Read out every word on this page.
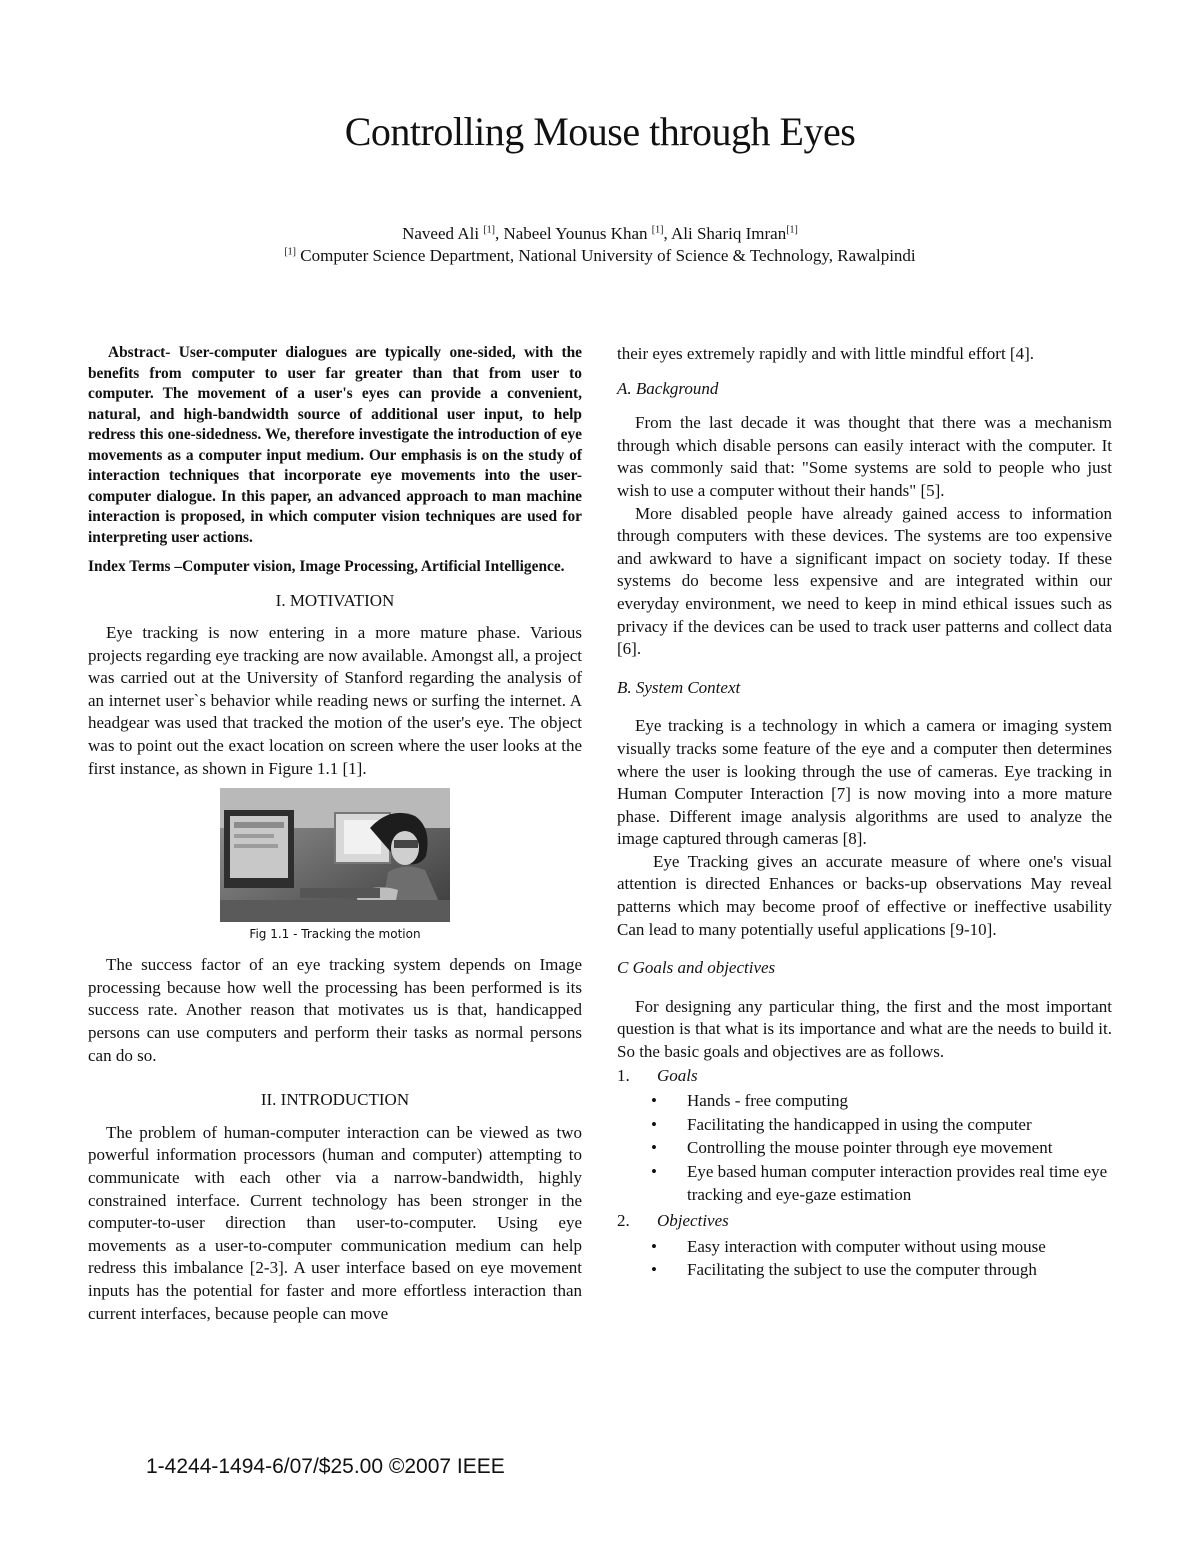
Controlling Mouse through Eyes
Naveed Ali [1], Nabeel Younus Khan [1], Ali Shariq Imran[1]
[1] Computer Science Department, National University of Science & Technology, Rawalpindi

Abstract- User-computer dialogues are typically one-sided, with the benefits from computer to user far greater than that from user to computer. The movement of a user's eyes can provide a convenient, natural, and high-bandwidth source of additional user input, to help redress this one-sidedness. We, therefore investigate the introduction of eye movements as a computer input medium. Our emphasis is on the study of interaction techniques that incorporate eye movements into the user-computer dialogue. In this paper, an advanced approach to man machine interaction is proposed, in which computer vision techniques are used for interpreting user actions.

Index Terms –Computer vision, Image Processing, Artificial Intelligence.

I. MOTIVATION

Eye tracking is now entering in a more mature phase. Various projects regarding eye tracking are now available. Amongst all, a project was carried out at the University of Stanford regarding the analysis of an internet user`s behavior while reading news or surfing the internet. A headgear was used that tracked the motion of the user's eye. The object was to point out the exact location on screen where the user looks at the first instance, as shown in Figure 1.1 [1].

Fig 1.1 - Tracking the motion

The success factor of an eye tracking system depends on Image processing because how well the processing has been performed is its success rate. Another reason that motivates us is that, handicapped persons can use computers and perform their tasks as normal persons can do so.

II. INTRODUCTION

The problem of human-computer interaction can be viewed as two powerful information processors (human and computer) attempting to communicate with each other via a narrow-bandwidth, highly constrained interface. Current technology has been stronger in the computer-to-user direction than user-to-computer. Using eye movements as a user-to-computer communication medium can help redress this imbalance [2-3]. A user interface based on eye movement inputs has the potential for faster and more effortless interaction than current interfaces, because people can move

their eyes extremely rapidly and with little mindful effort [4].

A. Background

From the last decade it was thought that there was a mechanism through which disable persons can easily interact with the computer. It was commonly said that: "Some systems are sold to people who just wish to use a computer without their hands" [5].

More disabled people have already gained access to information through computers with these devices. The systems are too expensive and awkward to have a significant impact on society today. If these systems do become less expensive and are integrated within our everyday environment, we need to keep in mind ethical issues such as privacy if the devices can be used to track user patterns and collect data [6].

B. System Context

Eye tracking is a technology in which a camera or imaging system visually tracks some feature of the eye and a computer then determines where the user is looking through the use of cameras. Eye tracking in Human Computer Interaction [7] is now moving into a more mature phase. Different image analysis algorithms are used to analyze the image captured through cameras [8].

Eye Tracking gives an accurate measure of where one's visual attention is directed Enhances or backs-up observations May reveal patterns which may become proof of effective or ineffective usability Can lead to many potentially useful applications [9-10].

C Goals and objectives

For designing any particular thing, the first and the most important question is that what is its importance and what are the needs to build it. So the basic goals and objectives are as follows.

1. Goals
• Hands - free computing
• Facilitating the handicapped in using the computer
• Controlling the mouse pointer through eye movement
• Eye based human computer interaction provides real time eye tracking and eye-gaze estimation
2. Objectives
• Easy interaction with computer without using mouse
• Facilitating the subject to use the computer through
1-4244-1494-6/07/$25.00 ©2007 IEEE
